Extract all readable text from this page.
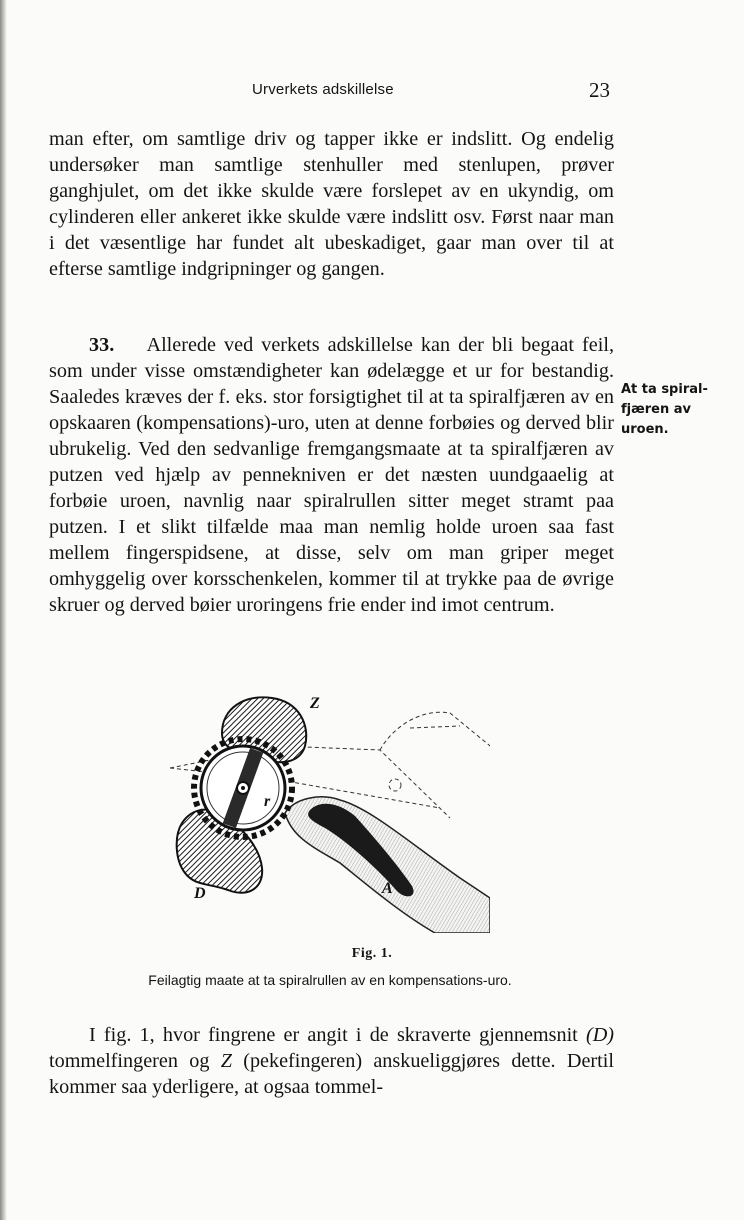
Urverkets adskillelse	23

man efter, om samtlige driv og tapper ikke er indslitt. Og endelig undersøker man samtlige stenhuller med stenlupen, prøver ganghjulet, om det ikke skulde være forslepet av en ukyndig, om cylinderen eller ankeret ikke skulde være indslitt osv. Først naar man i det væsentlige har fundet alt ubeskadiget, gaar man over til at efterse samtlige indgripninger og gangen.

33. Allerede ved verkets adskillelse kan der bli begaat feil, som under visse omstændigheter kan ødelægge et ur for bestandig. Saaledes kræves der f. eks. stor forsigtighet til at ta spiralfjæren av en opskaaren (kompensations)-uro, uten at denne forbøies og derved blir ubrukelig. Ved den sedvanlige fremgangsmaate at ta spiralfjæren av putzen ved hjælp av pennekniven er det næsten uundgaaelig at forbøie uroen, navnlig naar spiralrullen sitter meget stramt paa putzen. I et slikt tilfælde maa man nemlig holde uroen saa fast mellem fingerspidsene, at disse, selv om man griper meget omhyggelig over korsschenkelen, kommer til at trykke paa de øvrige skruer og derved bøier uroringens frie ender ind imot centrum.

At ta spiral-
fjæren av
uroen.
Z
r
D	A
Fig. 1.
Feilagtig maate at ta spiralrullen av en kompensations-uro.

I fig. 1, hvor fingrene er angit i de skraverte gjennemsnit (D) tommelfingeren og Z (pekefingeren) anskueliggjøres dette. Dertil kommer saa yderligere, at ogsaa tommel-
